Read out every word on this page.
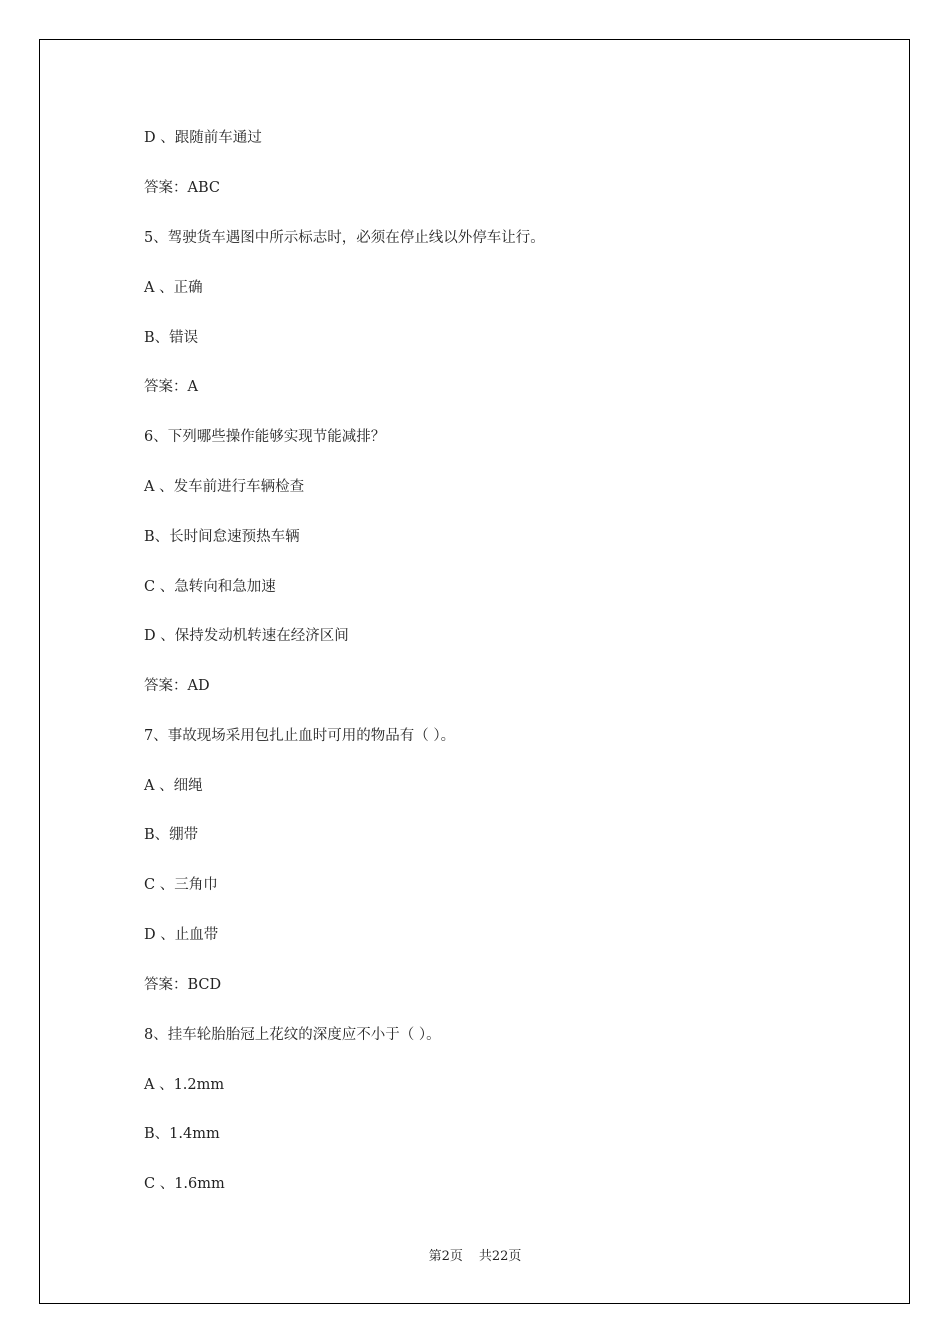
D 、跟随前车通过
答案：ABC
5、驾驶货车遇图中所示标志时，必须在停止线以外停车让行。
A 、正确
B、错误
答案：A
6、下列哪些操作能够实现节能减排？
A 、发车前进行车辆检查
B、长时间怠速预热车辆
C 、急转向和急加速
D 、保持发动机转速在经济区间
答案：AD
7、事故现场采用包扎止血时可用的物品有（ ）。
A 、细绳
B、绷带
C 、三角巾
D 、止血带
答案：BCD
8、挂车轮胎胎冠上花纹的深度应不小于（ ）。
A 、1.2mm
B、1.4mm
C 、1.6mm
第2页 共22页
